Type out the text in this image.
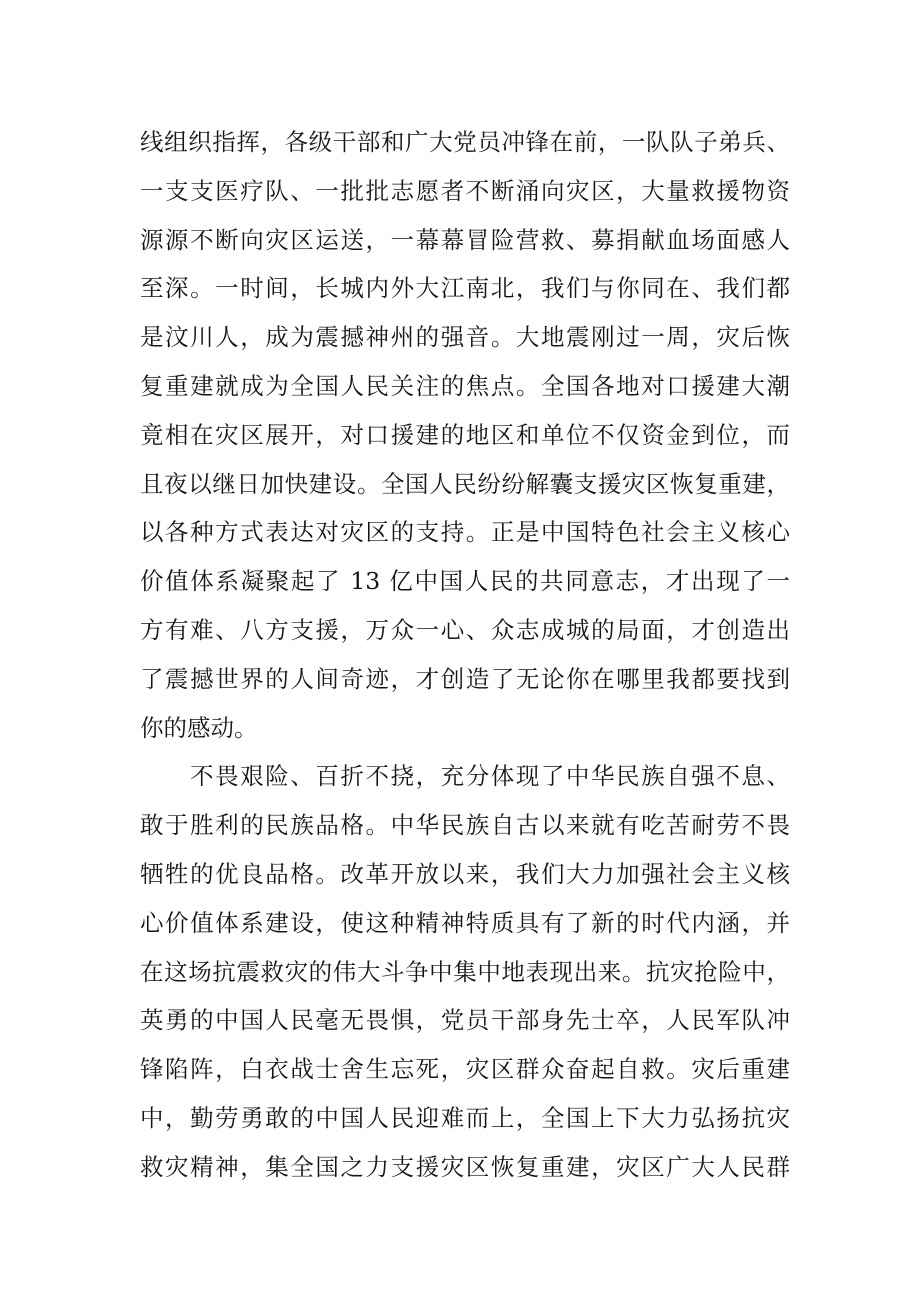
线组织指挥，各级干部和广大党员冲锋在前，一队队子弟兵、
一支支医疗队、一批批志愿者不断涌向灾区，大量救援物资
源源不断向灾区运送，一幕幕冒险营救、募捐献血场面感人
至深。一时间，长城内外大江南北，我们与你同在、我们都
是汶川人，成为震撼神州的强音。大地震刚过一周，灾后恢
复重建就成为全国人民关注的焦点。全国各地对口援建大潮
竟相在灾区展开，对口援建的地区和单位不仅资金到位，而
且夜以继日加快建设。全国人民纷纷解囊支援灾区恢复重建，
以各种方式表达对灾区的支持。正是中国特色社会主义核心
价值体系凝聚起了 13 亿中国人民的共同意志，才出现了一
方有难、八方支援，万众一心、众志成城的局面，才创造出
了震撼世界的人间奇迹，才创造了无论你在哪里我都要找到
你的感动。
不畏艰险、百折不挠，充分体现了中华民族自强不息、
敢于胜利的民族品格。中华民族自古以来就有吃苦耐劳不畏
牺牲的优良品格。改革开放以来，我们大力加强社会主义核
心价值体系建设，使这种精神特质具有了新的时代内涵，并
在这场抗震救灾的伟大斗争中集中地表现出来。抗灾抢险中，
英勇的中国人民毫无畏惧，党员干部身先士卒，人民军队冲
锋陷阵，白衣战士舍生忘死，灾区群众奋起自救。灾后重建
中，勤劳勇敢的中国人民迎难而上，全国上下大力弘扬抗灾
救灾精神，集全国之力支援灾区恢复重建，灾区广大人民群
